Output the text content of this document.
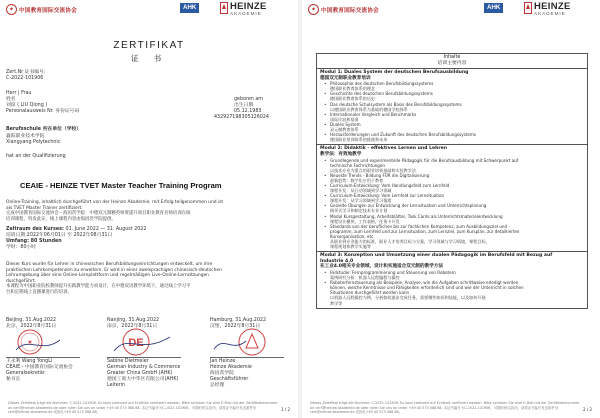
✦ 中国教育国际交流协会	AHK	HEINZE
AKADEMIE
ZERTIFIKAT
证 书
Zert.Nr 证书编号:
C-2022-101906
Herr | Frau
姓名
刘琼 ( LIU Qiong )
Personalausweis Nr. 身份证号码
geboren am
出生日期
05.12.1983
432927198305126024
Berufsschule 所在单位（学校）
襄阳职业技术学院
Xiangyang Polytechnic
hat an der Qualifizierung
CEAIE - HEINZE TVET Master Teacher Training Program
Online-Training, inhaltlich durchgeführt von der Heinze Akademie, mit Erfolg teilgenommen und ist
als TVET Master Trainer zertifiziert.
完成中国教育国际交流协会－海因茨学院：中德双元制精英师资提升项目职业教育名师培训在线
培训课程，特发此证，线上课程内容由海因茨学院提供。
Zeitraum des Kurses: 01. June 2022 — 31. August 2022
培训日期:2022年06月01日 至 2022年08月31日
Umfang: 80 Stunden
学时：80小时
Dieser Kurs wurde für Lehrer in chinesischen Berufsbildungseinrichtungen entwickelt, um ihre
praktischen Lehrkompetenzen zu erweitern. Er wird in einer zweisprachigen chinesisch-deutschen
Lehrumgebung über eine Online-Lernplattform und regelmäßigen Live-Online-Lernsitzungen
durchgeführt.
本课程为中国职业院校教师提升实践教学能力而设计，在中德双语教学环境下，通过线上学习平
台和定期线上直播课进行的培训。
Beijing, 31.Aug.2022
北京，2022年8月31日
★
王永利 Wang YongLi
CEAIE - 中国教育国际交流协会
Generalsekretär
秘书长
Nanjing, 31.Aug.2022
南京，2022年8月31日
DE
Sabine Dietmeier
German Industry & Commerce
Greater China GmbH (AHK)
德国工商大中华区有限公司(AHK)
Leiterin
Hamburg, 31.Aug.2022
汉堡，2022年8月31日
Jan Heinze
Heinze Akademie
海因茨学院
Geschäftsführer
总经理
Dieses Zertifikat trägt die Nummer: C-2022-101906. Es kann jederzeit auf Echtheit verifiziert werden. Bitte schicken Sie eine E-Mail mit der Zertifikatsnummer
an cert@heinze-akademie.de oder rufen Sie uns an unter +49 40 573 088 88. 本证书编号为C-2022-101906，可随时核实真伪，请将证书编号发送邮件至
cert@heinze-akademie.de 或致电+49 40 573 088 88。	1 / 2
✦ 中国教育国际交流协会	AHK	HEINZE
AKADEMIE
Inhalte
培训主要内容
Modul 1: Duales System der deutschen Berufsausbildung
德国双元制职业教育培训
• Philosophie des deutschen Berufsbildungssystems
德国职业教育体系的理念
• Geschichte des deutschen Berufsbildungssystems
德国职业教育体系的历史
• Das deutsche Schulsystem als Basis des Berufsbildungssystems
以德国职业教育体系为基础的德国学校体系
• Internationaler Vergleich und Benchmarks
国际比较和基准
• Duales System
双元制教育体系
• Herausforderungen und Zukunft des deutschen Berufsbildungssystems
德国职业培训体系的挑战和未来
Modul 2: Didaktik - effektives Lernen und Lehren
教学法：有效地教学
• Grundlegende und experimentelle Pädagogik für die Berufsausbildung mit Schwerpunkt auf
technische Fachrichtungen
以技术专业为重点的职业培训基础和实验教学法
• Neueste Trends - Bildung FÜR die Digitalisierung
最新趋势：数字化应用于教育
• Curriculum-Entwicklung: Vom Handlungsfeld zum Lernfeld
课程开发：从行动领域到学习领域
• Curriculum-Entwicklung: Vom Lernfeld zur Lernsituation
课程开发：从学习领域到学习情境
• Gezielte Übungen zur Entwicklung der Lernsituation und Unterrichtsplanung
指导式学习和制定技术专业计划
• Modul Kursgestaltung, Arbeitsblätter, Task Cards als Unterrichtsmaterialentwicklung
课程设计模块，工作表格，任务卡开发
• Standards von der beruflichen bis zur fachlichen Kompetenz, zum Ausbildungsziel und -
programm, zum Lernfeld und zur Lernsituation, zum Lernziel, zum Kursplan, zur detaillierten
Kursorganisation, etc.
从职业到专业能力的标准，职业人才培养目标与方案，学习领域与学习情境，课程目标，
课程规划和教学实施等
Modul 3: Konzeption und Umsetzung einer dualen Pädagogik im Berufsfeld mit Bezug auf
Industrie 4.0
在工业4.0相关专业领域，设计和实施适合双元制的教学方法
• Fallstudie: Fernprogrammierung und Steuerung von Robotern
案例研究分析：机器人远程编程与操控
• Roboterfernsteuerung als Beispiele, Analyse, wie die Aufgaben schrittweise erledigt werden
können, welche Kenntnisse und Fähigkeiten erforderlich sind und wie der Unterricht in solchen
Situationen durchgeführt werden kann
以机器人远程操控为例，分析如何逐步完成任务，需要哪些知识和技能，以及如何开展
教学等
Dieses Zertifikat trägt die Nummer: C-2022-101906. Es kann jederzeit auf Echtheit verifiziert werden. Bitte schicken Sie eine E-Mail mit der Zertifikatsnummer
an cert@heinze-akademie.de oder rufen Sie uns an unter +49 40 573 088 88. 本证书编号为C-2022-101906，可随时核实真伪，请将证书编号发送邮件至
cert@heinze-akademie.de 或致电+49 40 573 088 88。	2 / 2
